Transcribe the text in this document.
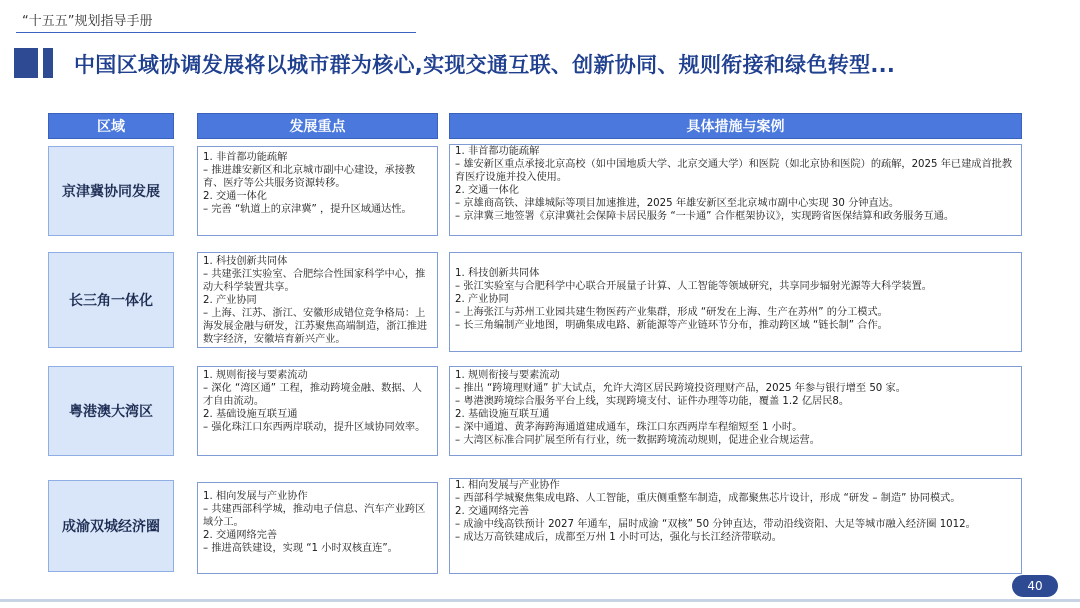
“十五五”规划指导手册
中国区域协调发展将以城市群为核心,实现交通互联、创新协同、规则衔接和绿色转型...
区域	发展重点	具体措施与案例
京津冀协同发展

1. 非首都功能疏解

– 推进雄安新区和北京城市副中心建设，承接教育、医疗等公共服务资源转移。

2. 交通一体化

– 完善 “轨道上的京津冀” ，提升区域通达性。

1. 非首都功能疏解

– 雄安新区重点承接北京高校（如中国地质大学、北京交通大学）和医院（如北京协和医院）的疏解，2025 年已建成首批教育医疗设施并投入使用。

2. 交通一体化

– 京雄商高铁、津雄城际等项目加速推进，2025 年雄安新区至北京城市副中心实现 30 分钟直达。

– 京津冀三地签署《京津冀社会保障卡居民服务 “一卡通” 合作框架协议》，实现跨省医保结算和政务服务互通。

长三角一体化

1. 科技创新共同体

– 共建张江实验室、合肥综合性国家科学中心，推动大科学装置共享。

2. 产业协同

– 上海、江苏、浙江、安徽形成错位竞争格局：上海发展金融与研发，江苏聚焦高端制造，浙江推进数字经济，安徽培育新兴产业。

1. 科技创新共同体

– 张江实验室与合肥科学中心联合开展量子计算、人工智能等领域研究，共享同步辐射光源等大科学装置。

2. 产业协同

– 上海张江与苏州工业园共建生物医药产业集群，形成 “研发在上海、生产在苏州” 的分工模式。

– 长三角编制产业地图，明确集成电路、新能源等产业链环节分布，推动跨区域 “链长制” 合作。

粤港澳大湾区

1. 规则衔接与要素流动

– 深化 “湾区通” 工程，推动跨境金融、数据、人才自由流动。

2. 基础设施互联互通

– 强化珠江口东西两岸联动，提升区域协同效率。

1. 规则衔接与要素流动

– 推出 “跨境理财通” 扩大试点，允许大湾区居民跨境投资理财产品，2025 年参与银行增至 50 家。

– 粤港澳跨境综合服务平台上线，实现跨境支付、证件办理等功能，覆盖 1.2 亿居民8。

2. 基础设施互联互通

– 深中通道、黄茅海跨海通道建成通车，珠江口东西两岸车程缩短至 1 小时。

– 大湾区标准合同扩展至所有行业，统一数据跨境流动规则，促进企业合规运营。

成渝双城经济圈

1. 相向发展与产业协作

– 共建西部科学城，推动电子信息、汽车产业跨区域分工。

2. 交通网络完善

– 推进高铁建设，实现 “1 小时双核直连”。

1. 相向发展与产业协作

– 西部科学城聚焦集成电路、人工智能，重庆侧重整车制造，成都聚焦芯片设计，形成 “研发 – 制造” 协同模式。

2. 交通网络完善

– 成渝中线高铁预计 2027 年通车，届时成渝 “双核” 50 分钟直达，带动沿线资阳、大足等城市融入经济圈 1012。

– 成达万高铁建成后，成都至万州 1 小时可达，强化与长江经济带联动。

40
